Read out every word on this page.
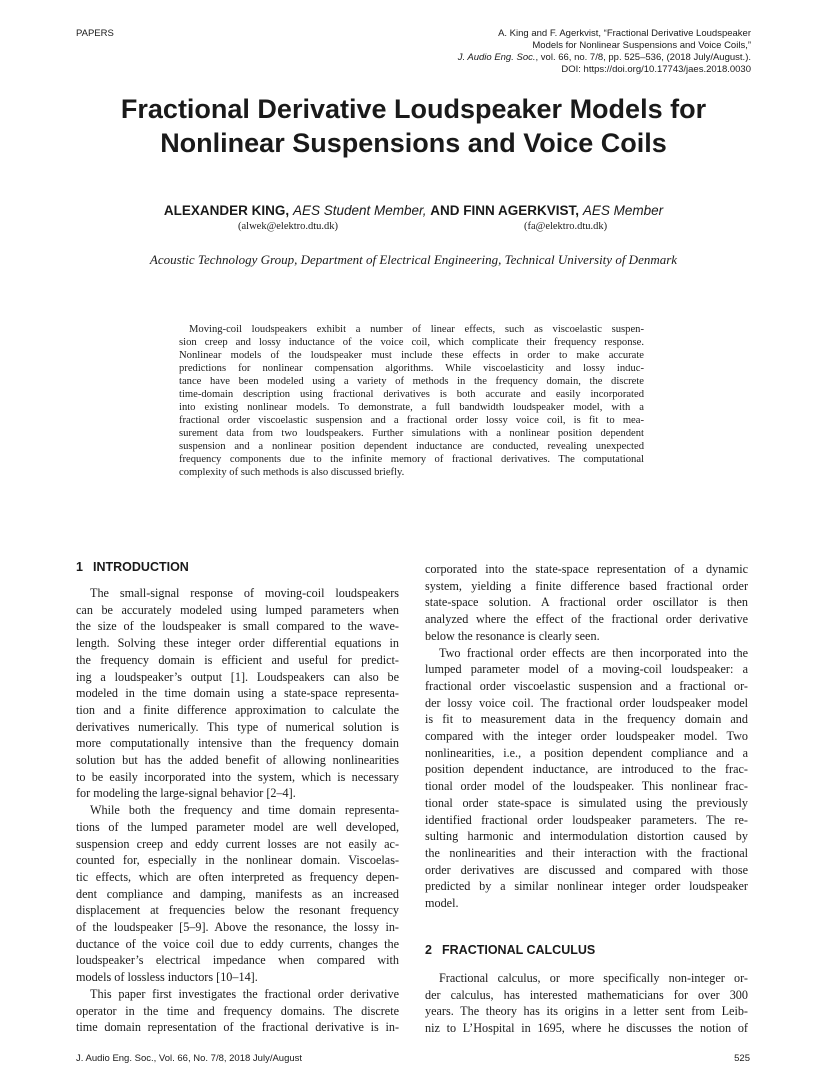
PAPERS	A. King and F. Agerkvist, “Fractional Derivative Loudspeaker
Models for Nonlinear Suspensions and Voice Coils,”
J. Audio Eng. Soc., vol. 66, no. 7/8, pp. 525–536, (2018 July/August.).
DOI: https://doi.org/10.17743/jaes.2018.0030
Fractional Derivative Loudspeaker Models for
Nonlinear Suspensions and Voice Coils
ALEXANDER KING, AES Student Member, AND FINN AGERKVIST, AES Member
(alwek@elektro.dtu.dk)	(fa@elektro.dtu.dk)
Acoustic Technology Group, Department of Electrical Engineering, Technical University of Denmark
Moving-coil loudspeakers exhibit a number of linear effects, such as viscoelastic suspen-
sion creep and lossy inductance of the voice coil, which complicate their frequency response.
Nonlinear models of the loudspeaker must include these effects in order to make accurate
predictions for nonlinear compensation algorithms. While viscoelasticity and lossy induc-
tance have been modeled using a variety of methods in the frequency domain, the discrete
time-domain description using fractional derivatives is both accurate and easily incorporated
into existing nonlinear models. To demonstrate, a full bandwidth loudspeaker model, with a
fractional order viscoelastic suspension and a fractional order lossy voice coil, is fit to mea-
surement data from two loudspeakers. Further simulations with a nonlinear position dependent
suspension and a nonlinear position dependent inductance are conducted, revealing unexpected
frequency components due to the infinite memory of fractional derivatives. The computational
complexity of such methods is also discussed briefly.
1 INTRODUCTION
The small-signal response of moving-coil loudspeakers
can be accurately modeled using lumped parameters when
the size of the loudspeaker is small compared to the wave-
length. Solving these integer order differential equations in
the frequency domain is efficient and useful for predict-
ing a loudspeaker’s output [1]. Loudspeakers can also be
modeled in the time domain using a state-space representa-
tion and a finite difference approximation to calculate the
derivatives numerically. This type of numerical solution is
more computationally intensive than the frequency domain
solution but has the added benefit of allowing nonlinearities
to be easily incorporated into the system, which is necessary
for modeling the large-signal behavior [2–4].
While both the frequency and time domain representa-
tions of the lumped parameter model are well developed,
suspension creep and eddy current losses are not easily ac-
counted for, especially in the nonlinear domain. Viscoelas-
tic effects, which are often interpreted as frequency depen-
dent compliance and damping, manifests as an increased
displacement at frequencies below the resonant frequency
of the loudspeaker [5–9]. Above the resonance, the lossy in-
ductance of the voice coil due to eddy currents, changes the
loudspeaker’s electrical impedance when compared with
models of lossless inductors [10–14].
This paper first investigates the fractional order derivative
operator in the time and frequency domains. The discrete
time domain representation of the fractional derivative is in-
corporated into the state-space representation of a dynamic
system, yielding a finite difference based fractional order
state-space solution. A fractional order oscillator is then
analyzed where the effect of the fractional order derivative
below the resonance is clearly seen.
Two fractional order effects are then incorporated into the
lumped parameter model of a moving-coil loudspeaker: a
fractional order viscoelastic suspension and a fractional or-
der lossy voice coil. The fractional order loudspeaker model
is fit to measurement data in the frequency domain and
compared with the integer order loudspeaker model. Two
nonlinearities, i.e., a position dependent compliance and a
position dependent inductance, are introduced to the frac-
tional order model of the loudspeaker. This nonlinear frac-
tional order state-space is simulated using the previously
identified fractional order loudspeaker parameters. The re-
sulting harmonic and intermodulation distortion caused by
the nonlinearities and their interaction with the fractional
order derivatives are discussed and compared with those
predicted by a similar nonlinear integer order loudspeaker
model.
2 FRACTIONAL CALCULUS
Fractional calculus, or more specifically non-integer or-
der calculus, has interested mathematicians for over 300
years. The theory has its origins in a letter sent from Leib-
niz to L’Hospital in 1695, where he discusses the notion of
J. Audio Eng. Soc., Vol. 66, No. 7/8, 2018 July/August	525
